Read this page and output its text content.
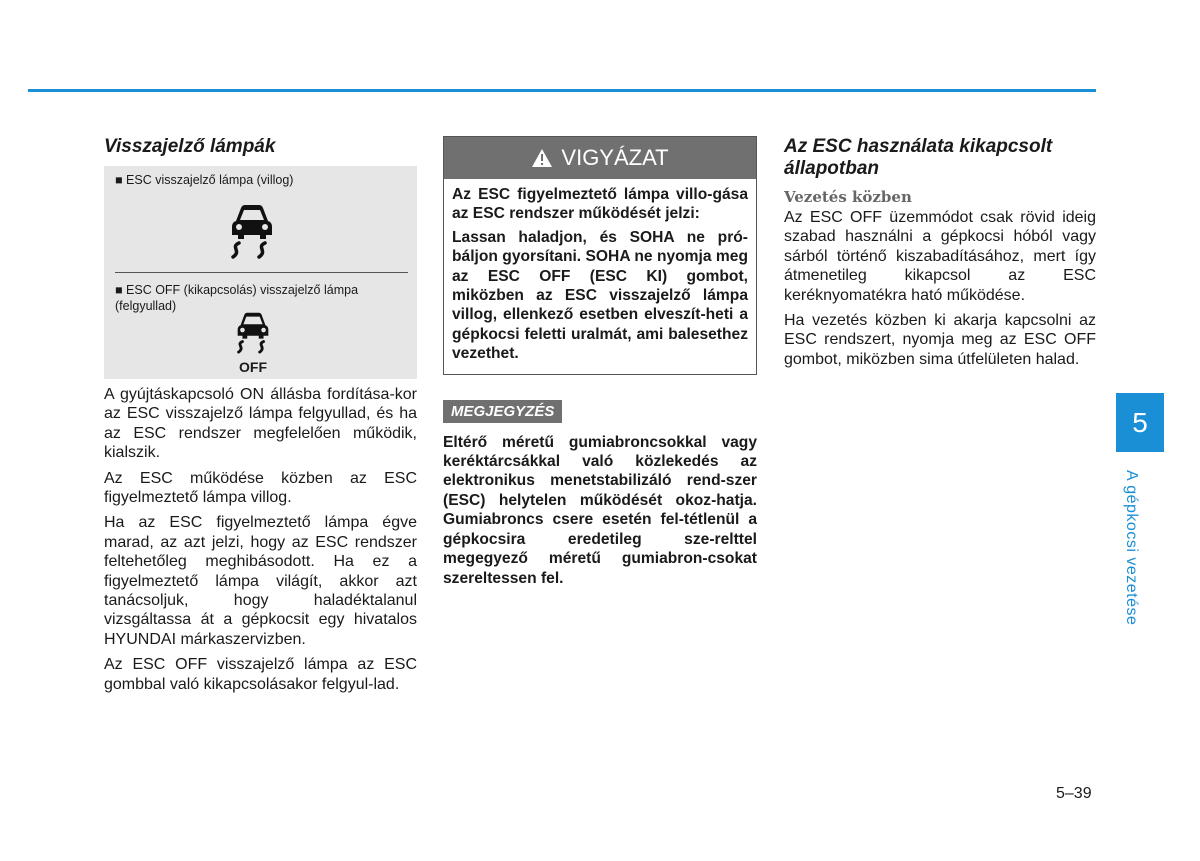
Visszajelző lámpák
■ ESC visszajelző lámpa (villog)
■ ESC OFF (kikapcsolás) visszajelző lámpa (felgyullad)
OFF

A gyújtáskapcsoló ON állásba fordítása-kor az ESC visszajelző lámpa felgyullad, és ha az ESC rendszer megfelelően működik, kialszik.

Az ESC működése közben az ESC figyelmeztető lámpa villog.

Ha az ESC figyelmeztető lámpa égve marad, az azt jelzi, hogy az ESC rendszer feltehetőleg meghibásodott. Ha ez a figyelmeztető lámpa világít, akkor azt tanácsoljuk, hogy haladéktalanul vizsgáltassa át a gépkocsit egy hivatalos HYUNDAI márkaszervizben.

Az ESC OFF visszajelző lámpa az ESC gombbal való kikapcsolásakor felgyul-lad.

VIGYÁZAT

Az ESC figyelmeztető lámpa villo-gása az ESC rendszer működését jelzi:

Lassan haladjon, és SOHA ne pró-báljon gyorsítani. SOHA ne nyomja meg az ESC OFF (ESC KI) gombot, miközben az ESC visszajelző lámpa villog, ellenkező esetben elveszít-heti a gépkocsi feletti uralmát, ami balesethez vezethet.

MEGJEGYZÉS

Eltérő méretű gumiabroncsokkal vagy keréktárcsákkal való közlekedés az elektronikus menetstabilizáló rend-szer (ESC) helytelen működését okoz-hatja. Gumiabroncs csere esetén fel-tétlenül a gépkocsira eredetileg sze-relttel megegyező méretű gumiabron-csokat szereltessen fel.

Az ESC használata kikapcsolt állapotban
Vezetés közben

Az ESC OFF üzemmódot csak rövid ideig szabad használni a gépkocsi hóból vagy sárból történő kiszabadításához, mert így átmenetileg kikapcsol az ESC keréknyomatékra ható működése.

Ha vezetés közben ki akarja kapcsolni az ESC rendszert, nyomja meg az ESC OFF gombot, miközben sima útfelületen halad.

5
A gépkocsi vezetése
5–39
